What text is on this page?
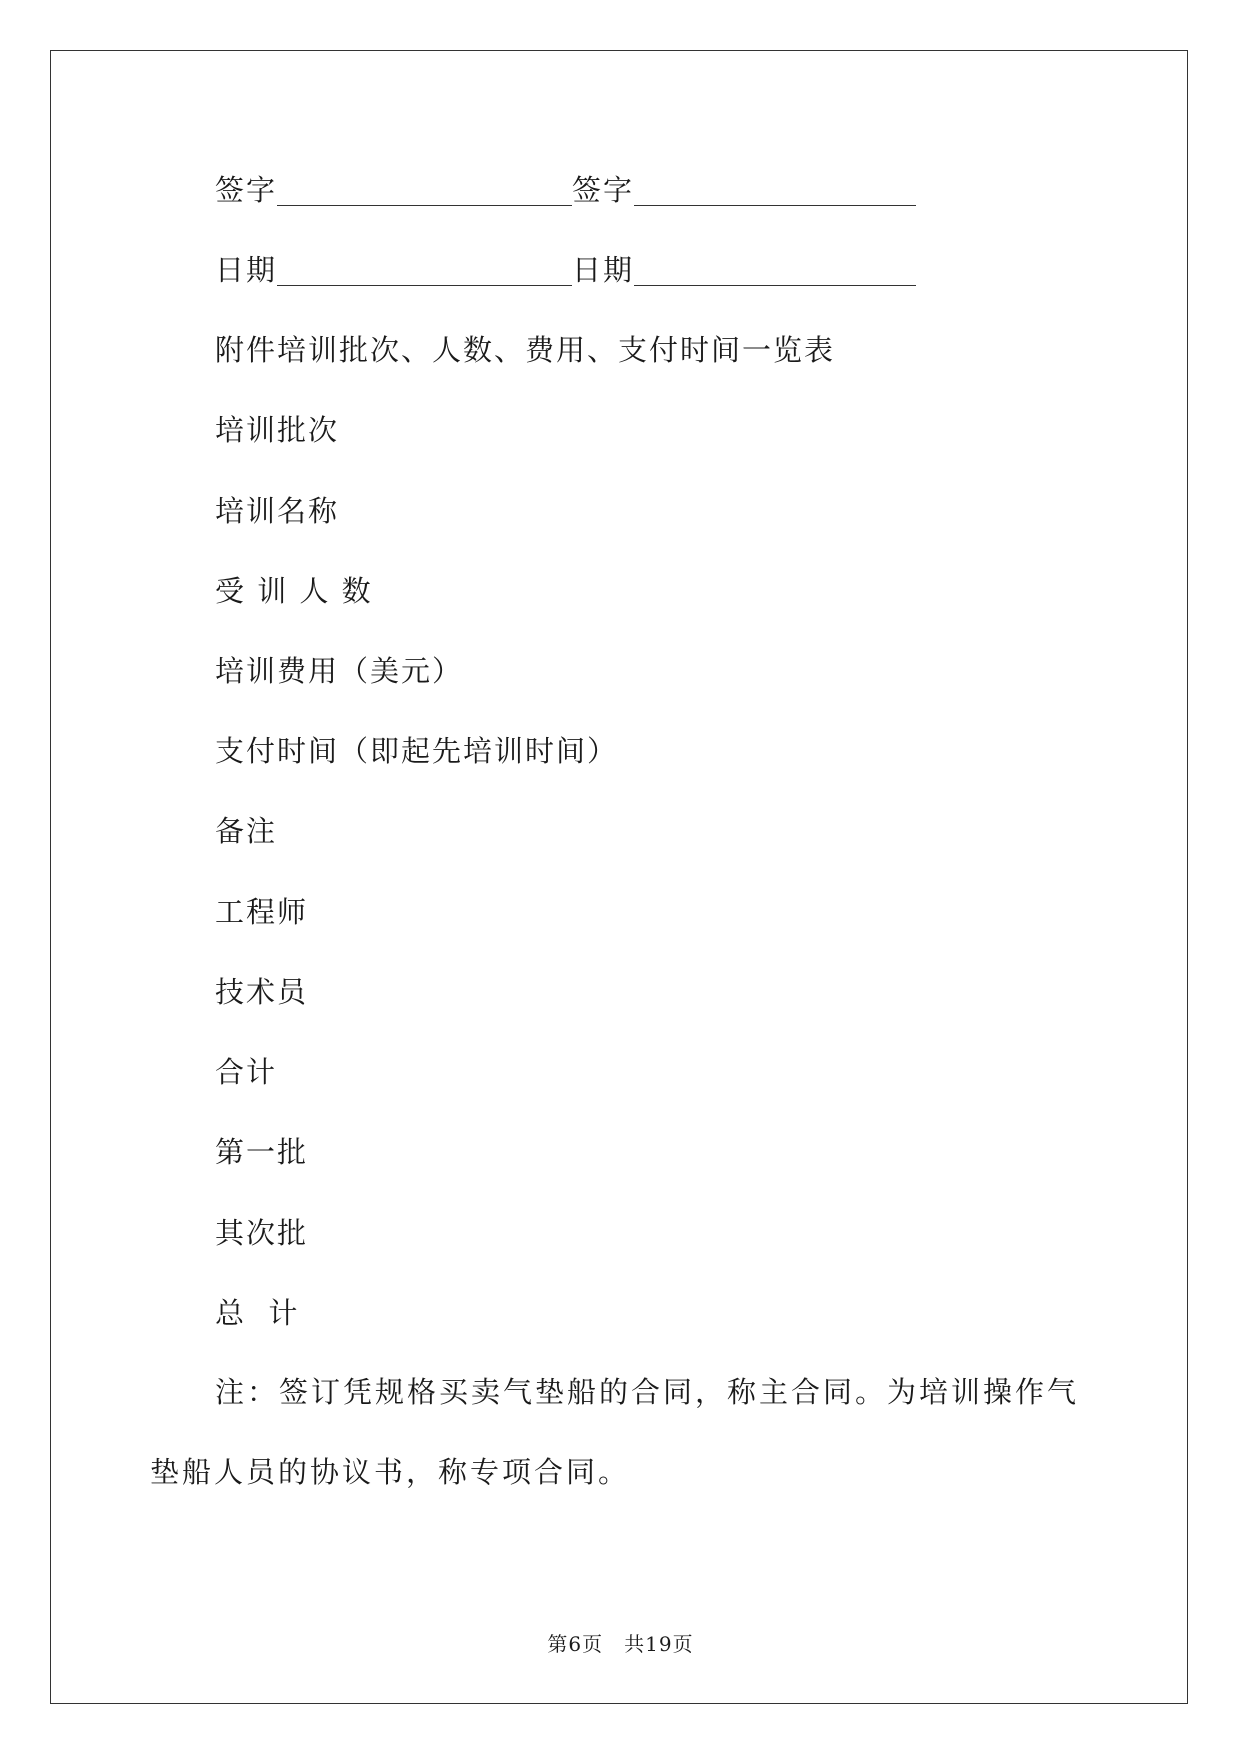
签字	签字
日期	日期
附件培训批次、人数、费用、支付时间一览表
培训批次
培训名称
受 训 人 数
培训费用（美元）
支付时间（即起先培训时间）
备注
工程师
技术员
合计
第一批
其次批
总  计
注：签订凭规格买卖气垫船的合同，称主合同。为培训操作气垫船人员的协议书，称专项合同。
第6页　共19页
